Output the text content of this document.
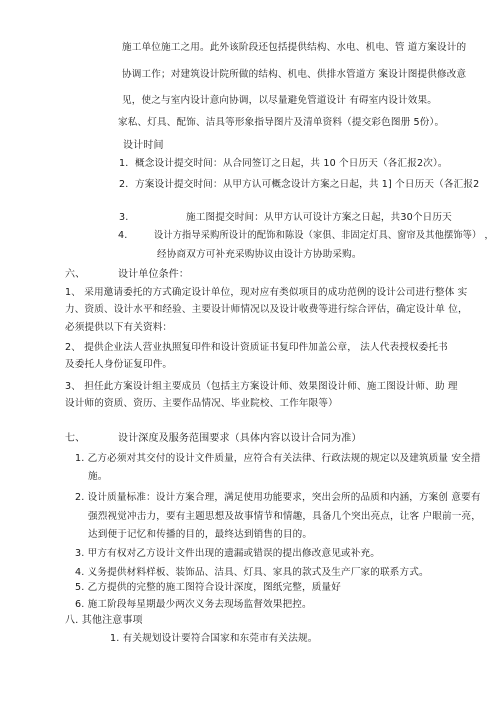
施工单位施工之用。此外该阶段还包括提供结构、水电、机电、管 道方案设计的
协调工作；对建筑设计院所做的结构、机电、供排水管道方 案设计图提供修改意
见，使之与室内设计意向协调，以尽量避免管道设计 有碍室内设计效果。
家私、灯具、配饰、洁具等形象指导图片及清单资料（提交彩色图册 5份）。
设计时间
1．概念设计提交时间：从合同签订之日起，共 10 个日历天（各汇报2次）。
2．方案设计提交时间：从甲方认可概念设计方案之日起，共 1] 个日历天（各汇报2
3.	施工图提交时间：从甲方认可设计方案之日起，共30个日历天
4.	设计方指导采购所设计的配饰和陈设（家俱、非固定灯具、窗帘及其他摆饰等） ，
经协商双方可补充采购协议由设计方协助采购。
六、	设计单位条件：
1、 采用邀请委托的方式确定设计单位，现对应有类似项目的成功范例的设计公司进行整体 实
力、资质、设计水平和经验、主要设计师情况以及设计收费等进行综合评估，确定设计单 位，
必须提供以下有关资料：
2、 提供企业法人营业执照复印件和设计资质证书复印件加盖公章， 法人代表授权委托书
及委托人身份证复印件。
3、 担任此方案设计组主要成员（包括主方案设计师、效果图设计师、施工图设计师、助 理
设计师的资质、资历、主要作品情况、毕业院校、工作年限等）
七、	设计深度及服务范围要求（具体内容以设计合同为准）
1. 乙方必须对其交付的设计文件质量，应符合有关法律、行政法规的规定以及建筑质量 安全措
施。
2. 设计质量标准：设计方案合理，满足使用功能要求，突出会所的品质和内涵，方案创 意要有
强烈视觉冲击力，要有主题思想及故事情节和情趣，具备几个突出亮点，让客 户眼前一亮，
达到便于记忆和传播的目的，最终达到销售的目的。
3. 甲方有权对乙方设计文件出现的遗漏或错误的提出修改意见或补充。
4. 义务提供材料样板、装饰品、洁具、灯具、家具的款式及生产厂家的联系方式。
5. 乙方提供的完整的施工图符合设计深度，图纸完整，质量好
6. 施工阶段每星期最少两次义务去现场监督效果把控。
八. 其他注意事项
1. 有关规划设计要符合国家和东莞市有关法规。
